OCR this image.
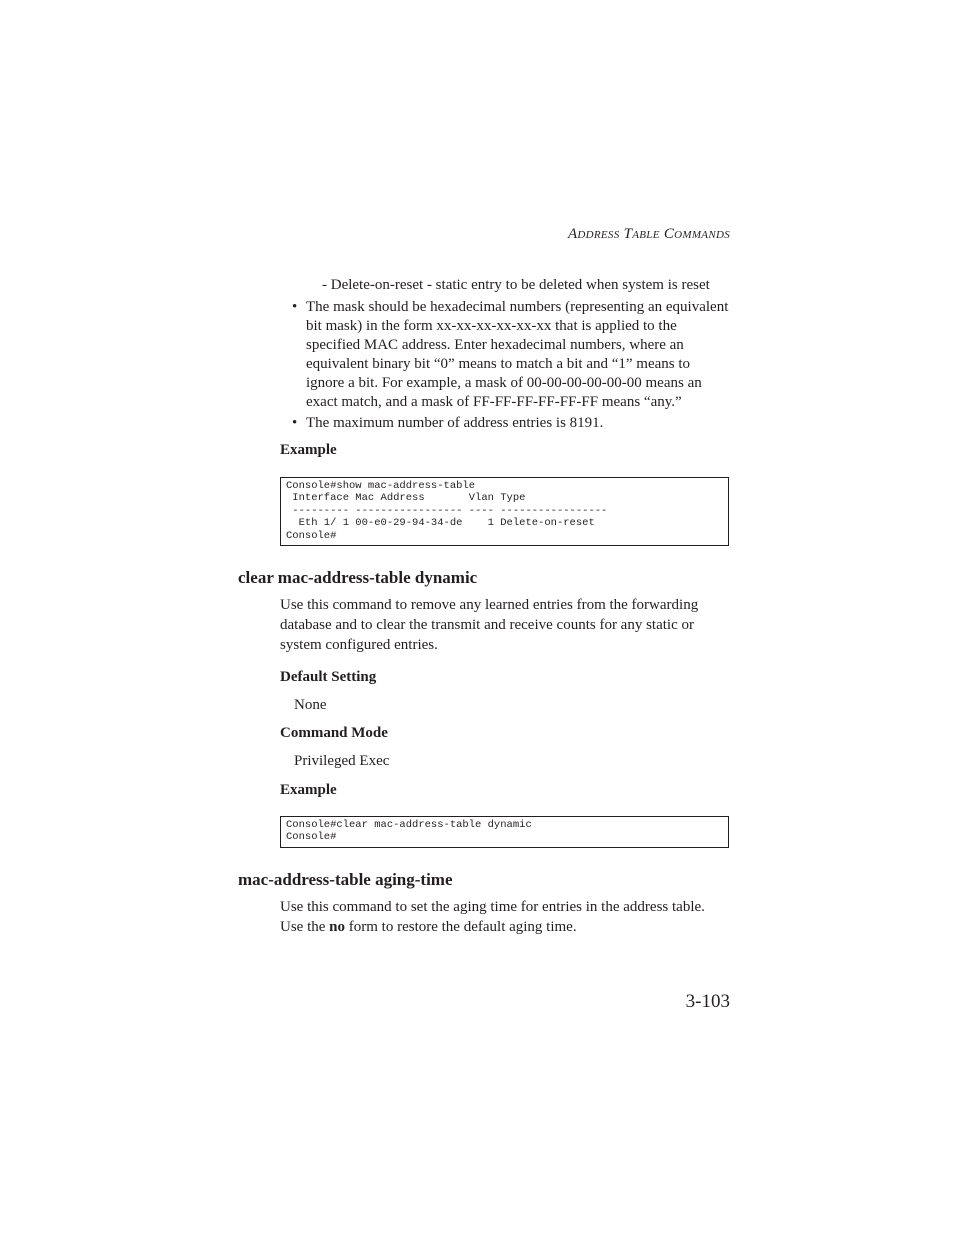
ADDRESS TABLE COMMANDS
- Delete-on-reset - static entry to be deleted when system is reset
• The mask should be hexadecimal numbers (representing an equivalent bit mask) in the form xx-xx-xx-xx-xx-xx that is applied to the specified MAC address. Enter hexadecimal numbers, where an equivalent binary bit “0” means to match a bit and “1” means to ignore a bit. For example, a mask of 00-00-00-00-00-00 means an exact match, and a mask of FF-FF-FF-FF-FF-FF means “any.”
• The maximum number of address entries is 8191.
Example
Console#show mac-address-table
Interface Mac Address       Vlan Type
--------- ----------------- ---- -----------------
Eth 1/ 1 00-e0-29-94-34-de    1 Delete-on-reset
Console#
clear mac-address-table dynamic
Use this command to remove any learned entries from the forwarding database and to clear the transmit and receive counts for any static or system configured entries.
Default Setting
None
Command Mode
Privileged Exec
Example
Console#clear mac-address-table dynamic
Console#
mac-address-table aging-time
Use this command to set the aging time for entries in the address table. Use the no form to restore the default aging time.
3-103
